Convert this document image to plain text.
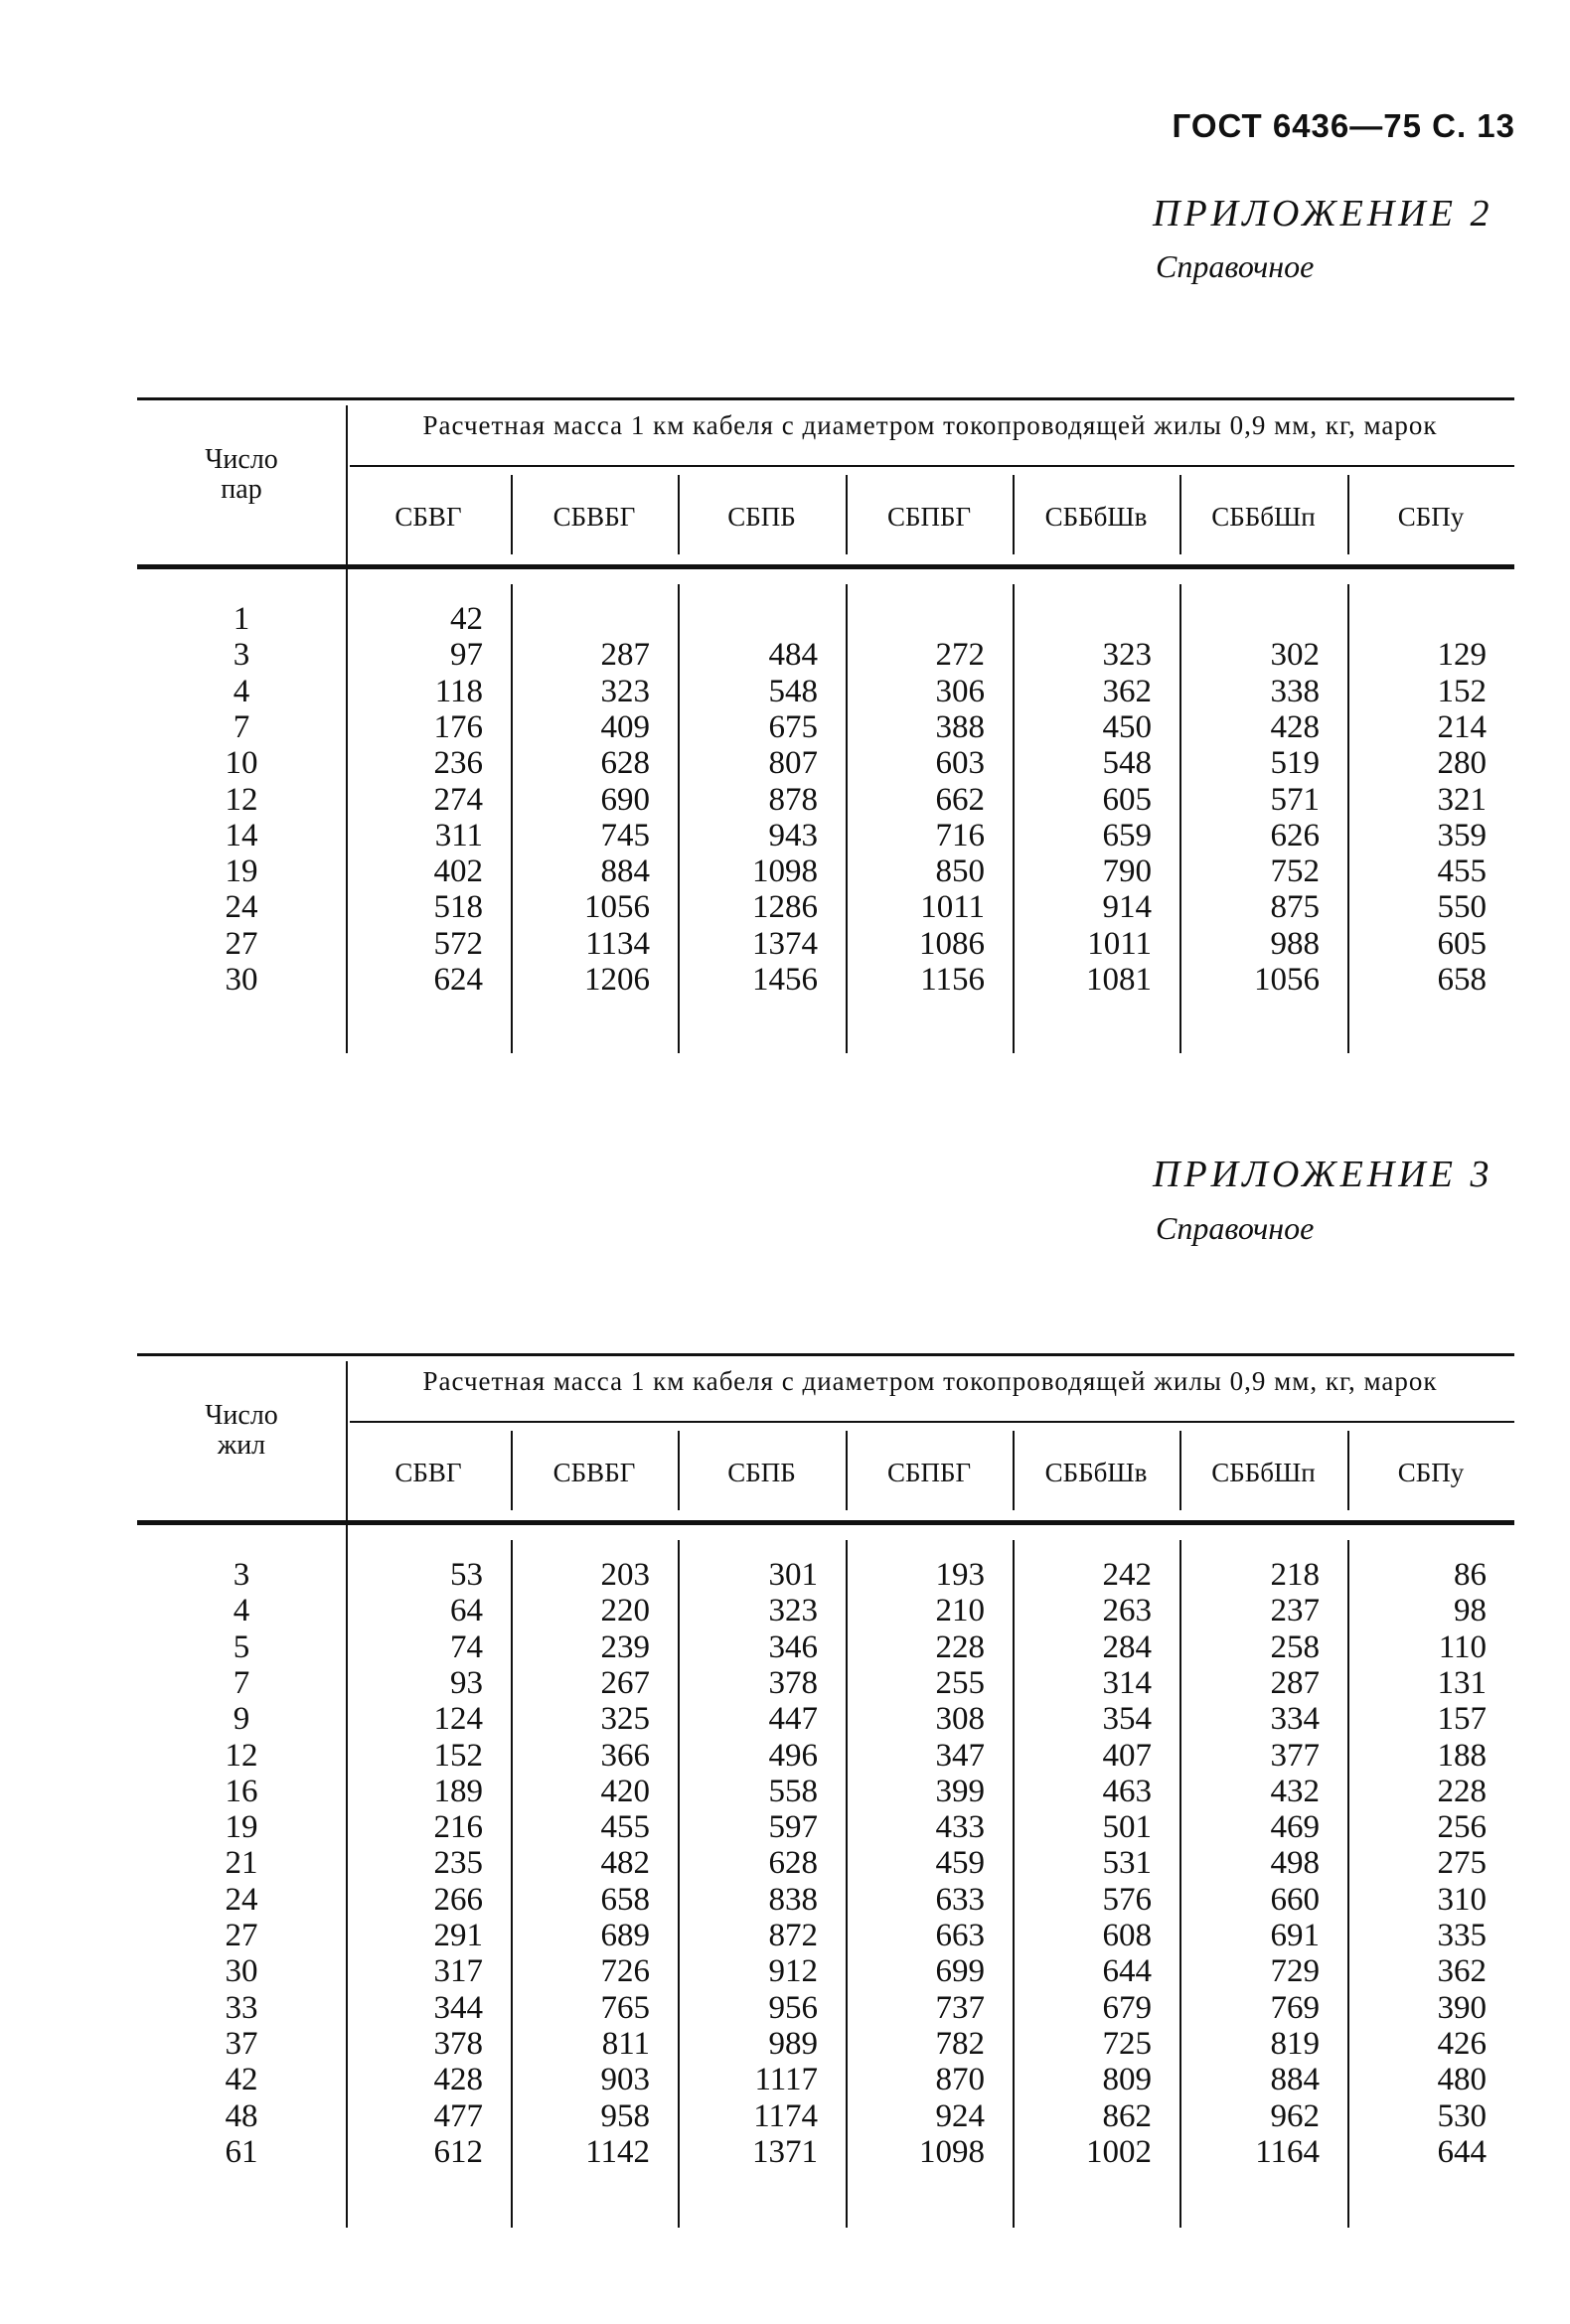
ГОСТ 6436—75 С. 13
ПРИЛОЖЕНИЕ 2
Справочное
Число пар
Расчетная масса 1 км кабеля с диаметром токопроводящей жилы 0,9 мм, кг, марок
СБВГ	СБВБГ	СБПБ	СБПБГ	СББбШв	СББбШп	СБПу
1	42
3	97	287	484	272	323	302	129
4	118	323	548	306	362	338	152
7	176	409	675	388	450	428	214
10	236	628	807	603	548	519	280
12	274	690	878	662	605	571	321
14	311	745	943	716	659	626	359
19	402	884	1098	850	790	752	455
24	518	1056	1286	1011	914	875	550
27	572	1134	1374	1086	1011	988	605
30	624	1206	1456	1156	1081	1056	658
ПРИЛОЖЕНИЕ 3
Справочное
Число жил
Расчетная масса 1 км кабеля с диаметром токопроводящей жилы 0,9 мм, кг, марок
СБВГ	СБВБГ	СБПБ	СБПБГ	СББбШв	СББбШп	СБПу
3	53	203	301	193	242	218	86
4	64	220	323	210	263	237	98
5	74	239	346	228	284	258	110
7	93	267	378	255	314	287	131
9	124	325	447	308	354	334	157
12	152	366	496	347	407	377	188
16	189	420	558	399	463	432	228
19	216	455	597	433	501	469	256
21	235	482	628	459	531	498	275
24	266	658	838	633	576	660	310
27	291	689	872	663	608	691	335
30	317	726	912	699	644	729	362
33	344	765	956	737	679	769	390
37	378	811	989	782	725	819	426
42	428	903	1117	870	809	884	480
48	477	958	1174	924	862	962	530
61	612	1142	1371	1098	1002	1164	644
